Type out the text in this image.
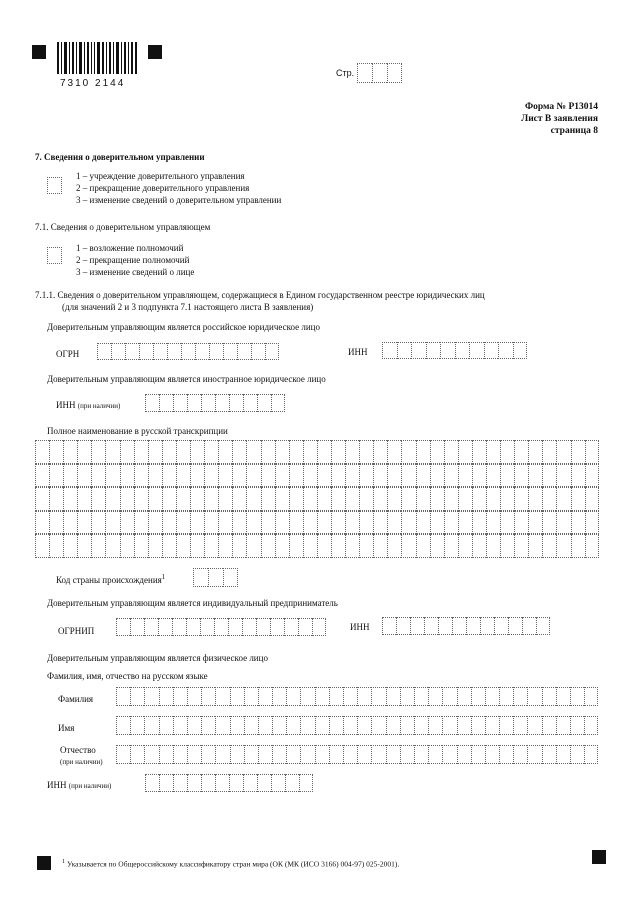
7310 2144
Стр.
Форма № Р13014
Лист В заявления
страница 8
7. Сведения о доверительном управлении
1 – учреждение доверительного управления
2 – прекращение доверительного управления
3 – изменение сведений о доверительном управлении
7.1. Сведения о доверительном управляющем
1 – возложение полномочий
2 – прекращение полномочий
3 – изменение сведений о лице
7.1.1. Сведения о доверительном управляющем, содержащиеся в Едином государственном реестре юридических лиц
(для значений 2 и 3 подпункта 7.1 настоящего листа В заявления)
Доверительным управляющим является российское юридическое лицо
ОГРН	ИНН
Доверительным управляющим является иностранное юридическое лицо
ИНН (при наличии)
Полное наименование в русской транскрипции
Код страны происхождения$^1$
Доверительным управляющим является индивидуальный предприниматель
ОГРНИП	ИНН
Доверительным управляющим является физическое лицо
Фамилия, имя, отчество на русском языке
Фамилия
Имя
Отчество
(при наличии)
ИНН (при наличии)
$^1$ Указывается по Общероссийскому классификатору стран мира (ОК (МК (ИСО 3166) 004-97) 025-2001).
